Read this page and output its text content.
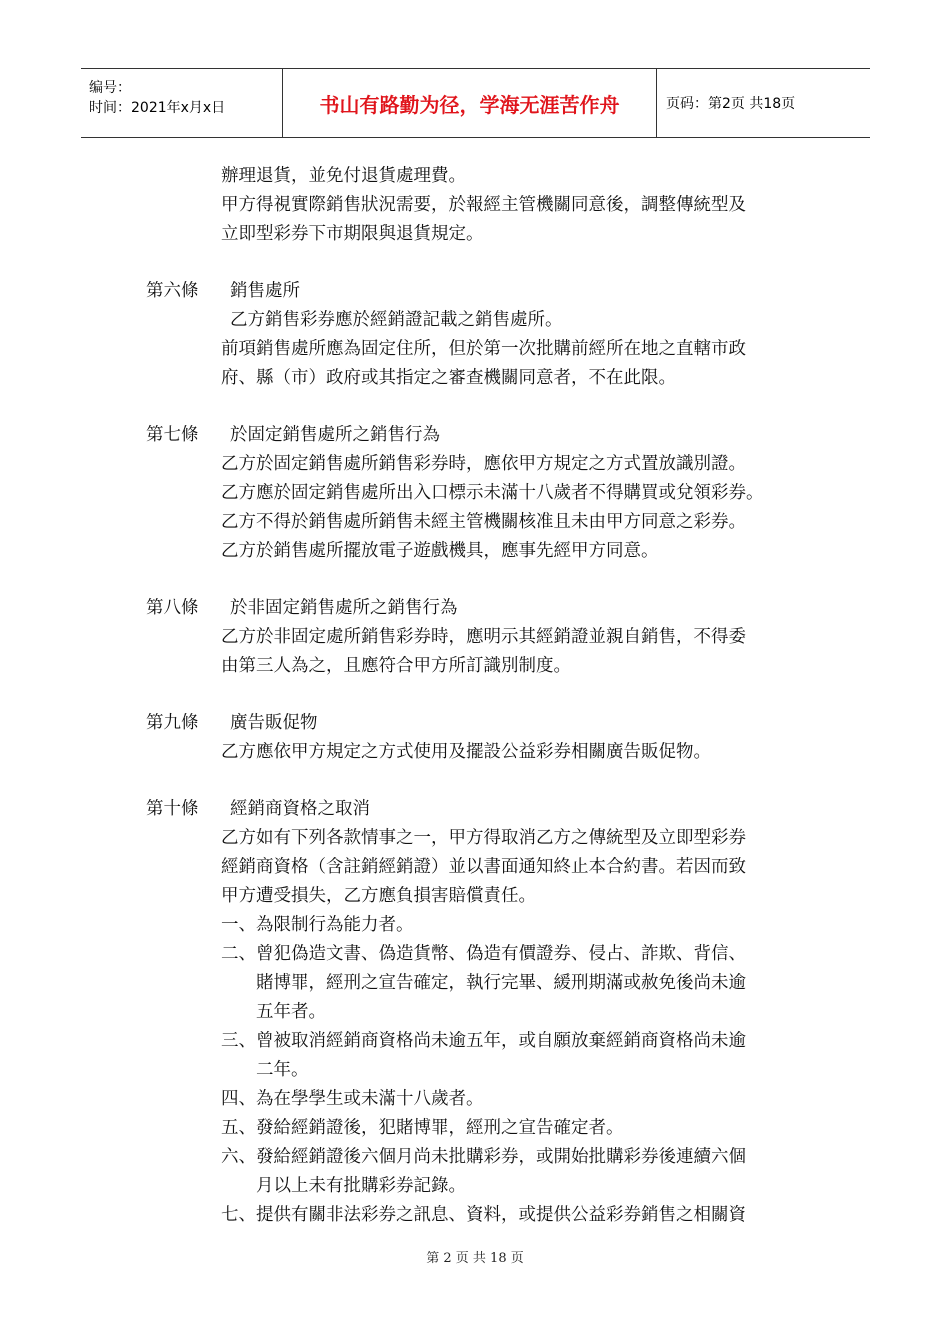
编号：
时间：2021年x月x日	书山有路勤为径，学海无涯苦作舟	页码：第2页 共18页
辦理退貨，並免付退貨處理費。
甲方得視實際銷售狀況需要，於報經主管機關同意後，調整傳統型及
立即型彩券下市期限與退貨規定。
第六條 銷售處所
乙方銷售彩券應於經銷證記載之銷售處所。
前項銷售處所應為固定住所，但於第一次批購前經所在地之直轄市政
府、縣（市）政府或其指定之審查機關同意者，不在此限。
第七條 於固定銷售處所之銷售行為
乙方於固定銷售處所銷售彩券時，應依甲方規定之方式置放識別證。
乙方應於固定銷售處所出入口標示未滿十八歲者不得購買或兌領彩券。
乙方不得於銷售處所銷售未經主管機關核准且未由甲方同意之彩券。
乙方於銷售處所擺放電子遊戲機具，應事先經甲方同意。
第八條 於非固定銷售處所之銷售行為
乙方於非固定處所銷售彩券時，應明示其經銷證並親自銷售，不得委
由第三人為之，且應符合甲方所訂識別制度。
第九條 廣告販促物
乙方應依甲方規定之方式使用及擺設公益彩券相關廣告販促物。
第十條 經銷商資格之取消
乙方如有下列各款情事之一，甲方得取消乙方之傳統型及立即型彩券
經銷商資格（含註銷經銷證）並以書面通知終止本合約書。若因而致
甲方遭受損失，乙方應負損害賠償責任。
一、為限制行為能力者。
二、曾犯偽造文書、偽造貨幣、偽造有價證券、侵占、詐欺、背信、
賭博罪，經刑之宣告確定，執行完畢、緩刑期滿或赦免後尚未逾
五年者。
三、曾被取消經銷商資格尚未逾五年，或自願放棄經銷商資格尚未逾
二年。
四、為在學學生或未滿十八歲者。
五、發給經銷證後，犯賭博罪，經刑之宣告確定者。
六、發給經銷證後六個月尚未批購彩券，或開始批購彩券後連續六個
月以上未有批購彩券記錄。
七、提供有關非法彩券之訊息、資料，或提供公益彩券銷售之相關資
第 2 页 共 18 页
